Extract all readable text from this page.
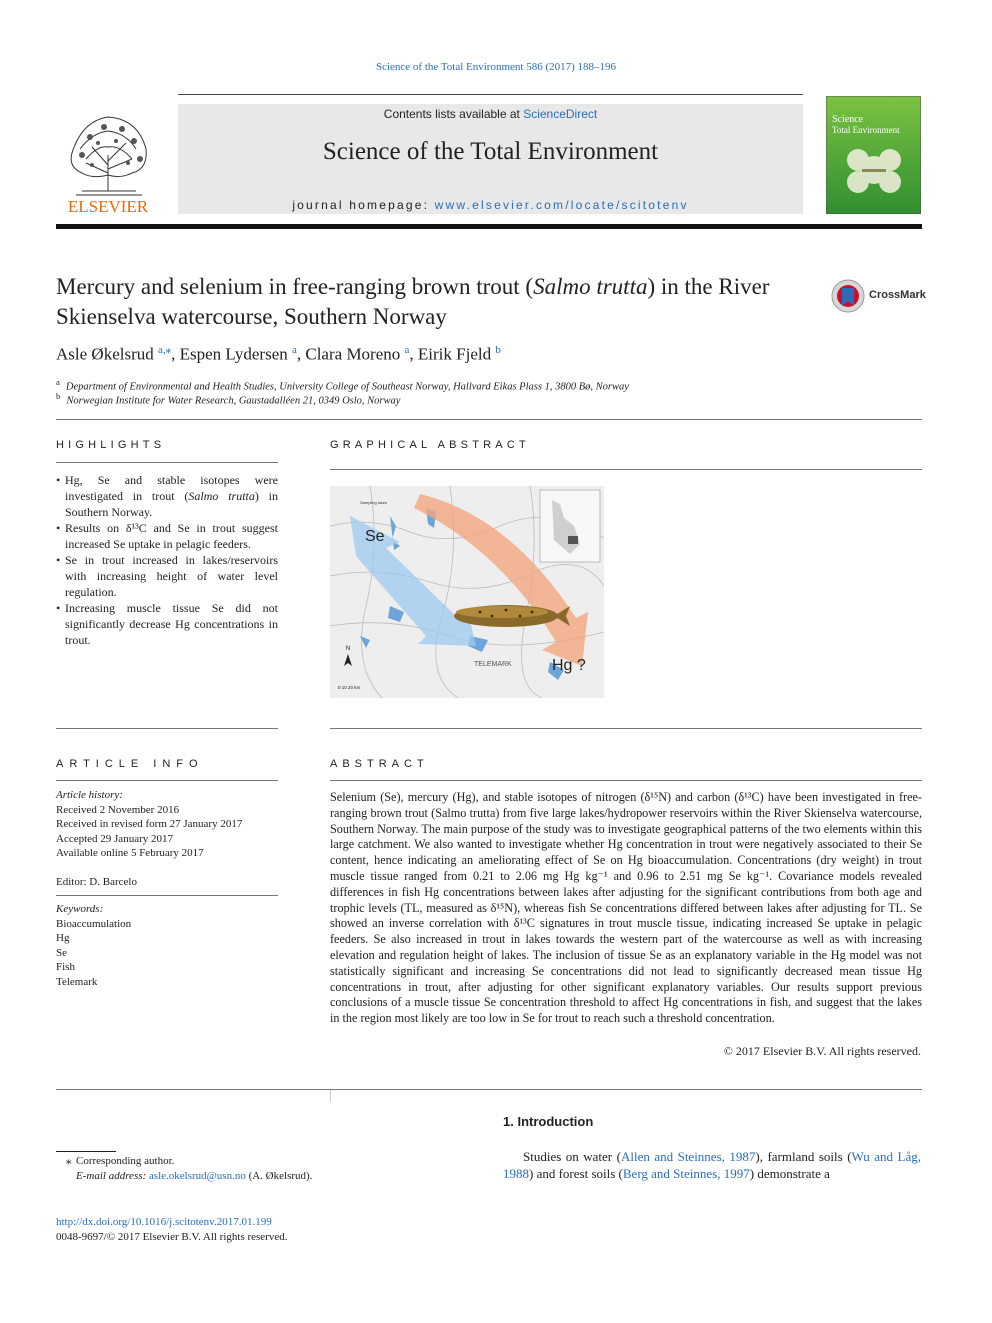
Science of the Total Environment 586 (2017) 188–196
ELSEVIER
Contents lists available at ScienceDirect
Science of the Total Environment
journal homepage: www.elsevier.com/locate/scitotenv
Science
Total Environment
Mercury and selenium in free-ranging brown trout (Salmo trutta) in the River Skienselva watercourse, Southern Norway
CrossMark
Asle Økelsrud $^{a,⁎}$, Espen Lydersen $^a$, Clara Moreno $^a$, Eirik Fjeld $^b$
$^a$ Department of Environmental and Health Studies, University College of Southeast Norway, Hallvard Eikas Plass 1, 3800 Bø, Norway
$^b$ Norwegian Institute for Water Research, Gaustadalléen 21, 0349 Oslo, Norway
HIGHLIGHTS
• Hg, Se and stable isotopes were investigated in trout (Salmo trutta) in Southern Norway.
• Results on δ¹³C and Se in trout suggest increased Se uptake in pelagic feeders.
• Se in trout increased in lakes/reservoirs with increasing height of water level regulation.
• Increasing muscle tissue Se did not significantly decrease Hg concentrations in trout.
GRAPHICAL ABSTRACT
Se
Hg ?
TELEMARK
Sampling lakes
N
0 10 20 km
ARTICLE INFO
Article history:
Received 2 November 2016
Received in revised form 27 January 2017
Accepted 29 January 2017
Available online 5 February 2017
Editor: D. Barcelo
Keywords:
Bioaccumulation
Hg
Se
Fish
Telemark
ABSTRACT
Selenium (Se), mercury (Hg), and stable isotopes of nitrogen (δ¹⁵N) and carbon (δ¹³C) have been investigated in free-ranging brown trout (Salmo trutta) from five large lakes/hydropower reservoirs within the River Skienselva watercourse, Southern Norway. The main purpose of the study was to investigate geographical patterns of the two elements within this large catchment. We also wanted to investigate whether Hg concentration in trout were negatively associated to their Se content, hence indicating an ameliorating effect of Se on Hg bioaccumulation. Concentrations (dry weight) in trout muscle tissue ranged from 0.21 to 2.06 mg Hg kg⁻¹ and 0.96 to 2.51 mg Se kg⁻¹. Covariance models revealed differences in fish Hg concentrations between lakes after adjusting for the significant contributions from both age and trophic levels (TL, measured as δ¹⁵N), whereas fish Se concentrations differed between lakes after adjusting for TL. Se showed an inverse correlation with δ¹³C signatures in trout muscle tissue, indicating increased Se uptake in pelagic feeders. Se also increased in trout in lakes towards the western part of the watercourse as well as with increasing elevation and regulation height of lakes. The inclusion of tissue Se as an explanatory variable in the Hg model was not statistically significant and increasing Se concentrations did not lead to significantly decreased mean tissue Hg concentrations in trout, after adjusting for other significant explanatory variables. Our results support previous conclusions of a muscle tissue Se concentration threshold to affect Hg concentrations in fish, and suggest that the lakes in the region most likely are too low in Se for trout to reach such a threshold concentration.
© 2017 Elsevier B.V. All rights reserved.
1. Introduction
Studies on water (Allen and Steinnes, 1987), farmland soils (Wu and Låg, 1988) and forest soils (Berg and Steinnes, 1997) demonstrate a
⁎ Corresponding author.
E-mail address: asle.okelsrud@usn.no (A. Økelsrud).
http://dx.doi.org/10.1016/j.scitotenv.2017.01.199
0048-9697/© 2017 Elsevier B.V. All rights reserved.
